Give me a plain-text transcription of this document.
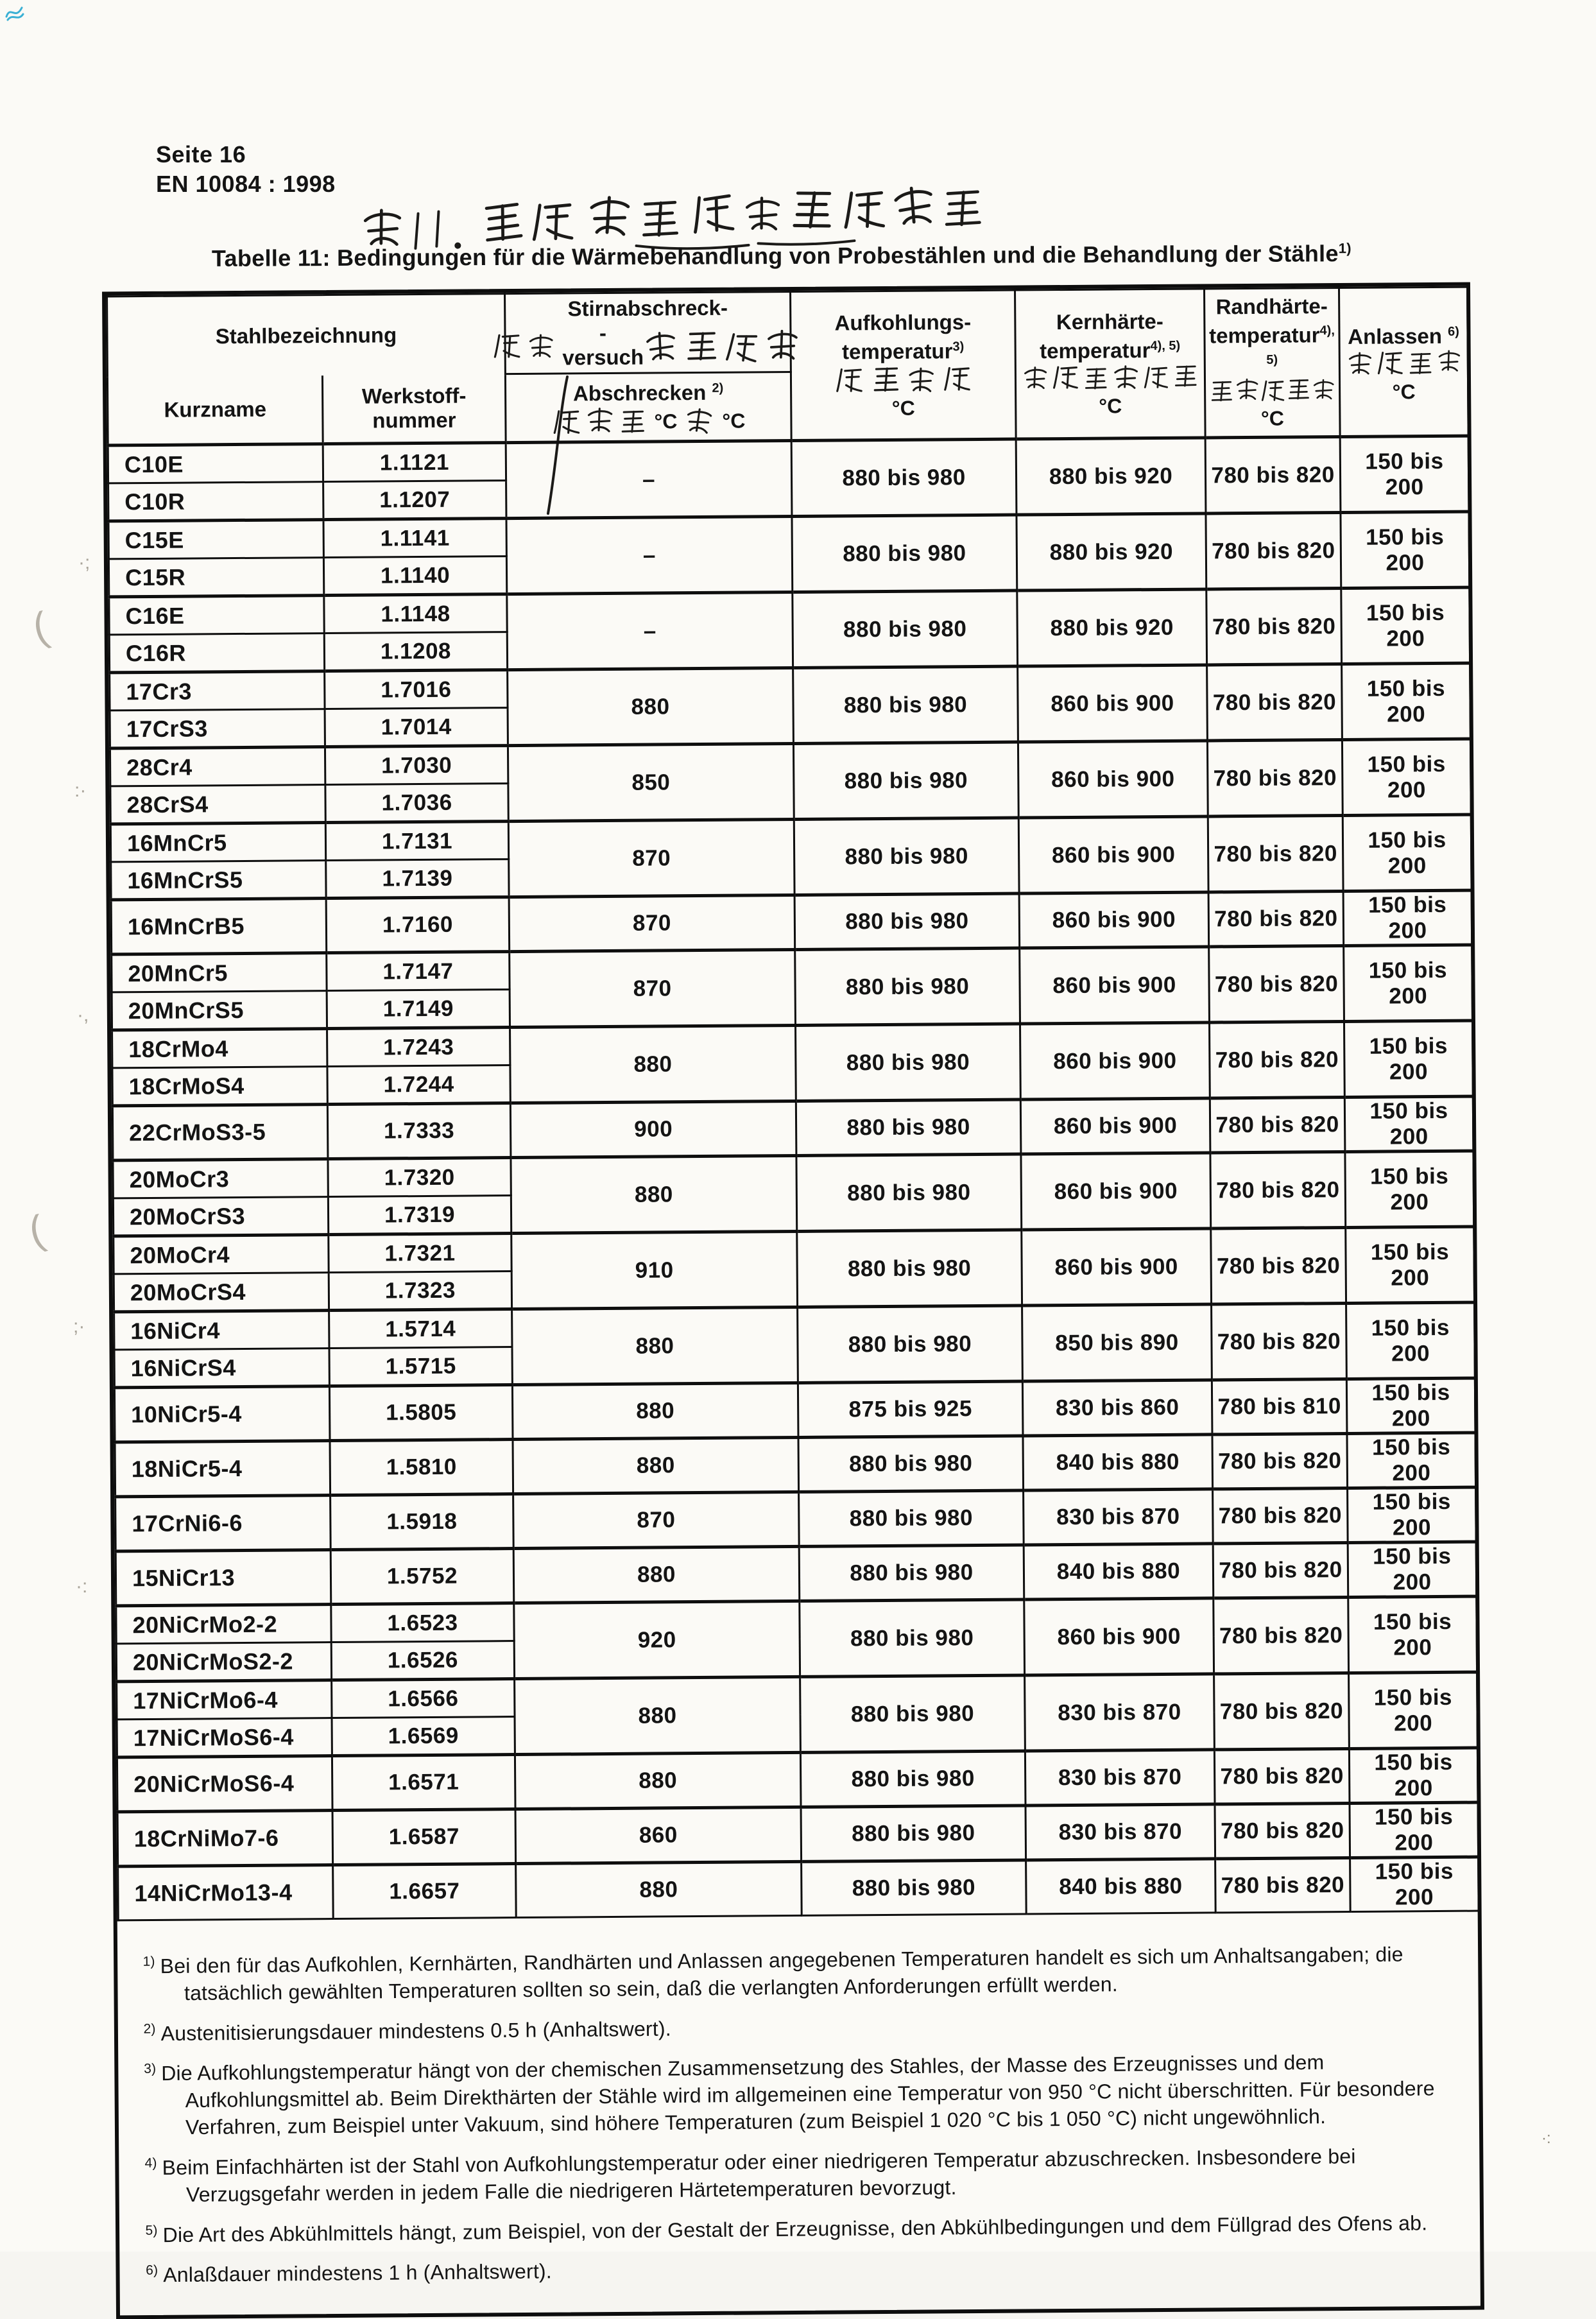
Seite 16
EN 10084 : 1998
Tabelle 11: Bedingungen für die Wärmebehandlung von Probestählen und die Behandlung der Stähle$^{1)}$
Stahlbezeichnung	
Stirnabschreck-
-versuch

Aufkohlungs-
temperatur$^{3)}$
°C

Kernhärte-
temperatur$^{4), 5)}$
°C

Randhärte-
temperatur$^{4), 5)}$
°C

Anlassen $^{6)}$
°C

Kurzname	
Werkstoff-
nummer

Abschrecken $^{2)}$
°C °C

C10E	1.1121	–	880 bis 980	880 bis 920	780 bis 820	150 bis 200
C10R	1.1207					
C15E	1.1141	–	880 bis 980	880 bis 920	780 bis 820	150 bis 200
C15R	1.1140					
C16E	1.1148	–	880 bis 980	880 bis 920	780 bis 820	150 bis 200
C16R	1.1208					
17Cr3	1.7016	880	880 bis 980	860 bis 900	780 bis 820	150 bis 200
17CrS3	1.7014					
28Cr4	1.7030	850	880 bis 980	860 bis 900	780 bis 820	150 bis 200
28CrS4	1.7036					
16MnCr5	1.7131	870	880 bis 980	860 bis 900	780 bis 820	150 bis 200
16MnCrS5	1.7139					
16MnCrB5	1.7160	870	880 bis 980	860 bis 900	780 bis 820	150 bis 200
20MnCr5	1.7147	870	880 bis 980	860 bis 900	780 bis 820	150 bis 200
20MnCrS5	1.7149					
18CrMo4	1.7243	880	880 bis 980	860 bis 900	780 bis 820	150 bis 200
18CrMoS4	1.7244					
22CrMoS3-5	1.7333	900	880 bis 980	860 bis 900	780 bis 820	150 bis 200
20MoCr3	1.7320	880	880 bis 980	860 bis 900	780 bis 820	150 bis 200
20MoCrS3	1.7319					
20MoCr4	1.7321	910	880 bis 980	860 bis 900	780 bis 820	150 bis 200
20MoCrS4	1.7323					
16NiCr4	1.5714	880	880 bis 980	850 bis 890	780 bis 820	150 bis 200
16NiCrS4	1.5715					
10NiCr5-4	1.5805	880	875 bis 925	830 bis 860	780 bis 810	150 bis 200
18NiCr5-4	1.5810	880	880 bis 980	840 bis 880	780 bis 820	150 bis 200
17CrNi6-6	1.5918	870	880 bis 980	830 bis 870	780 bis 820	150 bis 200
15NiCr13	1.5752	880	880 bis 980	840 bis 880	780 bis 820	150 bis 200
20NiCrMo2-2	1.6523	920	880 bis 980	860 bis 900	780 bis 820	150 bis 200
20NiCrMoS2-2	1.6526					
17NiCrMo6-4	1.6566	880	880 bis 980	830 bis 870	780 bis 820	150 bis 200
17NiCrMoS6-4	1.6569					
20NiCrMoS6-4	1.6571	880	880 bis 980	830 bis 870	780 bis 820	150 bis 200
18CrNiMo7-6	1.6587	860	880 bis 980	830 bis 870	780 bis 820	150 bis 200
14NiCrMo13-4	1.6657	880	880 bis 980	840 bis 880	780 bis 820	150 bis 200
$^{1)}$ Bei den für das Aufkohlen, Kernhärten, Randhärten und Anlassen angegebenen Temperaturen handelt es sich um Anhaltsangaben; die tatsächlich gewählten Temperaturen sollten so sein, daß die verlangten Anforderungen erfüllt werden.
$^{2)}$ Austenitisierungsdauer mindestens 0.5 h (Anhaltswert).
$^{3)}$ Die Aufkohlungstemperatur hängt von der chemischen Zusammensetzung des Stahles, der Masse des Erzeugnisses und dem Aufkohlungsmittel ab. Beim Direkthärten der Stähle wird im allgemeinen eine Temperatur von 950 °C nicht überschritten. Für besondere Verfahren, zum Beispiel unter Vakuum, sind höhere Temperaturen (zum Beispiel 1 020 °C bis 1 050 °C) nicht ungewöhnlich.
$^{4)}$ Beim Einfachhärten ist der Stahl von Aufkohlungstemperatur oder einer niedrigeren Temperatur abzuschrecken. Insbesondere bei Verzugsgefahr werden in jedem Falle die niedrigeren Härtetemperaturen bevorzugt.
$^{5)}$ Die Art des Abkühlmittels hängt, zum Beispiel, von der Gestalt der Erzeugnisse, den Abkühlbedingungen und dem Füllgrad des Ofens ab.
$^{6)}$ Anlaßdauer mindestens 1 h (Anhaltswert).
(
(
·;
:·
·,
;·
·:
·:
